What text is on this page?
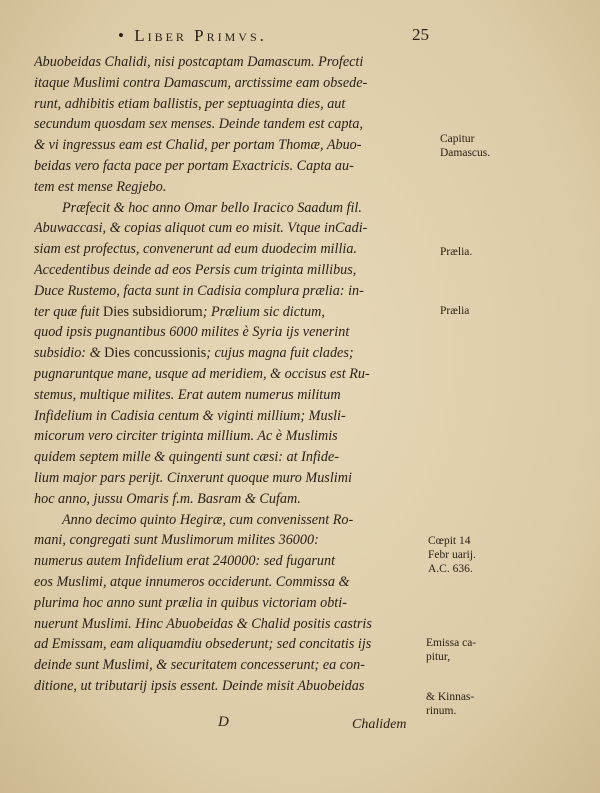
• Liber Primvs.	25
Abuobeidas Chalidi, nisi postcaptam Damascum. Profecti
itaque Muslimi contra Damascum, arctissime eam obsede-
runt, adhibitis etiam ballistis, per septuaginta dies, aut
secundum quosdam sex menses. Deinde tandem est capta,
& vi ingressus eam est Chalid, per portam Thomæ, Abuo-
beidas vero facta pace per portam Exactricis. Capta au-
tem est mense Regjebo.
Præfecit & hoc anno Omar bello Iracico Saadum fil.
Abuwaccasi, & copias aliquot cum eo misit. Vtque inCadi-
siam est profectus, convenerunt ad eum duodecim millia.
Accedentibus deinde ad eos Persis cum triginta millibus,
Duce Rustemo, facta sunt in Cadisia complura prælia: in-
ter quæ fuit Dies subsidiorum; Prælium sic dictum,
quod ipsis pugnantibus 6000 milites è Syria ijs venerint
subsidio: & Dies concussionis; cujus magna fuit clades;
pugnaruntque mane, usque ad meridiem, & occisus est Ru-
stemus, multique milites. Erat autem numerus militum
Infidelium in Cadisia centum & viginti millium; Musli-
micorum vero circiter triginta millium. Ac è Muslimis
quidem septem mille & quingenti sunt cæsi: at Infide-
lium major pars perijt. Cinxerunt quoque muro Muslimi
hoc anno, jussu Omaris f.m. Basram & Cufam.
Anno decimo quinto Hegiræ, cum convenissent Ro-
mani, congregati sunt Muslimorum milites 36000:
numerus autem Infidelium erat 240000: sed fugarunt
eos Muslimi, atque innumeros occiderunt. Commissa &
plurima hoc anno sunt prælia in quibus victoriam obti-
nuerunt Muslimi. Hinc Abuobeidas & Chalid positis castris
ad Emissam, eam aliquamdiu obsederunt; sed concitatis ijs
deinde sunt Muslimi, & securitatem concesserunt; ea con-
ditione, ut tributarij ipsis essent. Deinde misit Abuobeidas
Capitur
Damascus.
Prælia.
Prælia
Cœpit 14
Febr uarij.
A.C. 636.
Emissa ca-
pitur,
& Kinnas-
rinum.
D	Chalidem
